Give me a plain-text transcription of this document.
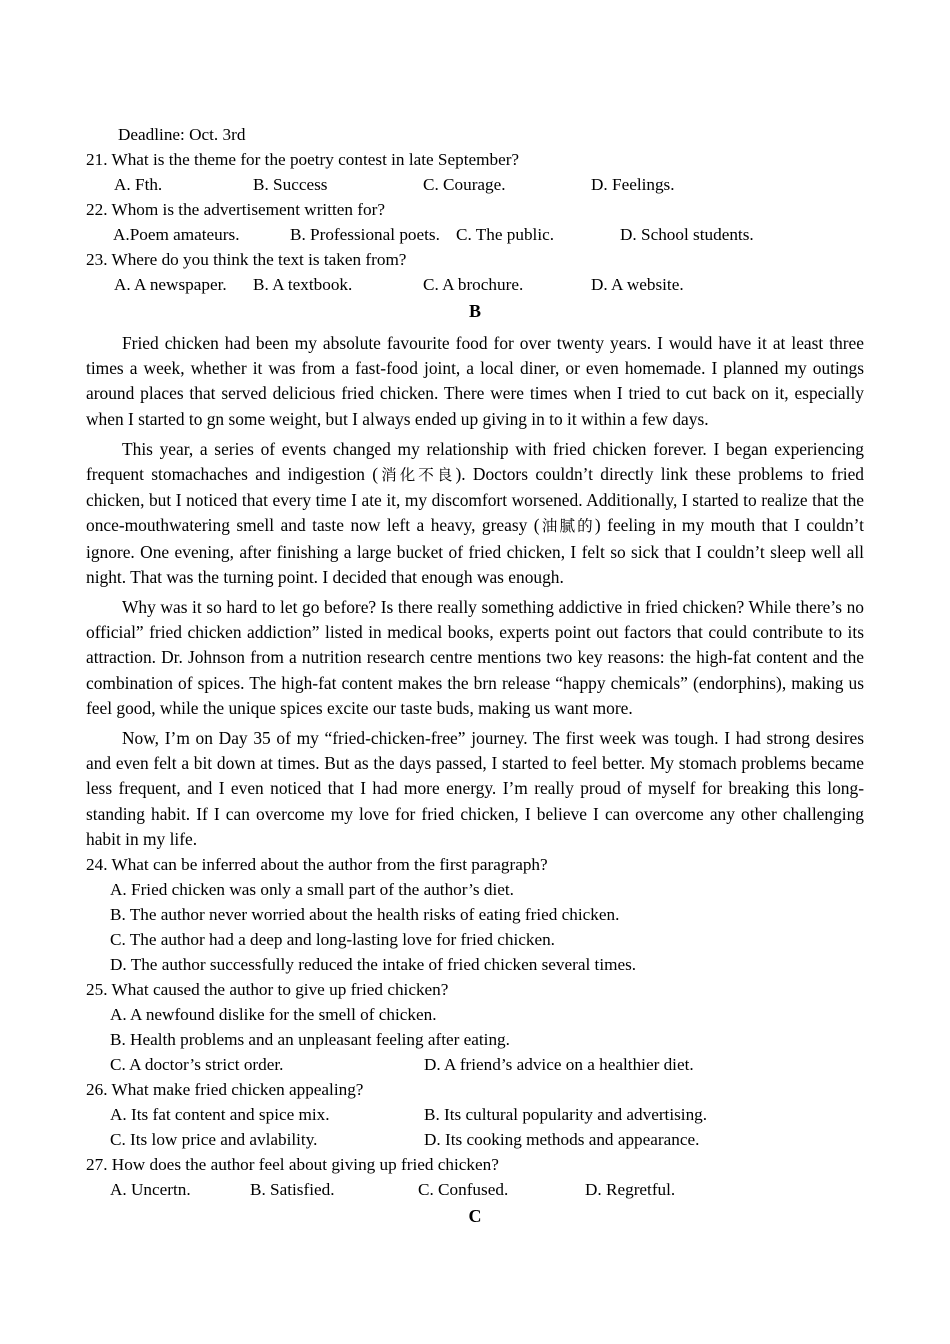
Deadline: Oct. 3rd
21. What is the theme for the poetry contest in late September?
A. Fth.	B. Success	C. Courage.	D. Feelings.
22. Whom is the advertisement written for?
A.Poem amateurs.	B. Professional poets. C. The public.	D. School students.
23. Where do you think the text is taken from?
A. A newspaper. B. A textbook.	C. A brochure.	D. A website.
B

Fried chicken had been my absolute favourite food for over twenty years. I would have it at least three times a week, whether it was from a fast-food joint, a local diner, or even homemade. I planned my outings around places that served delicious fried chicken. There were times when I tried to cut back on it, especially when I started to gn some weight, but I always ended up giving in to it within a few days.

This year, a series of events changed my relationship with fried chicken forever. I began experiencing frequent stomachaches and indigestion (消化不良). Doctors couldn’t directly link these problems to fried chicken, but I noticed that every time I ate it, my discomfort worsened. Additionally, I started to realize that the once-mouthwatering smell and taste now left a heavy, greasy (油腻的) feeling in my mouth that I couldn’t ignore. One evening, after finishing a large bucket of fried chicken, I felt so sick that I couldn’t sleep well all night. That was the turning point. I decided that enough was enough.

Why was it so hard to let go before? Is there really something addictive in fried chicken? While there’s no official” fried chicken addiction” listed in medical books, experts point out factors that could contribute to its attraction. Dr. Johnson from a nutrition research centre mentions two key reasons: the high-fat content and the combination of spices. The high-fat content makes the brn release “happy chemicals” (endorphins), making us feel good, while the unique spices excite our taste buds, making us want more.

Now, I’m on Day 35 of my “fried-chicken-free” journey. The first week was tough. I had strong desires and even felt a bit down at times. But as the days passed, I started to feel better. My stomach problems became less frequent, and I even noticed that I had more energy. I’m really proud of myself for breaking this long-standing habit. If I can overcome my love for fried chicken, I believe I can overcome any other challenging habit in my life.

24. What can be inferred about the author from the first paragraph?
A. Fried chicken was only a small part of the author’s diet.
B. The author never worried about the health risks of eating fried chicken.
C. The author had a deep and long-lasting love for fried chicken.
D. The author successfully reduced the intake of fried chicken several times.
25. What caused the author to give up fried chicken?
A. A newfound dislike for the smell of chicken.
B. Health problems and an unpleasant feeling after eating.
C. A doctor’s strict order.	D. A friend’s advice on a healthier diet.
26. What make fried chicken appealing?
A. Its fat content and spice mix.	B. Its cultural popularity and advertising.
C. Its low price and avlability.	D. Its cooking methods and appearance.
27. How does the author feel about giving up fried chicken?
A. Uncertn.	B. Satisfied.	C. Confused.	D. Regretful.
C
